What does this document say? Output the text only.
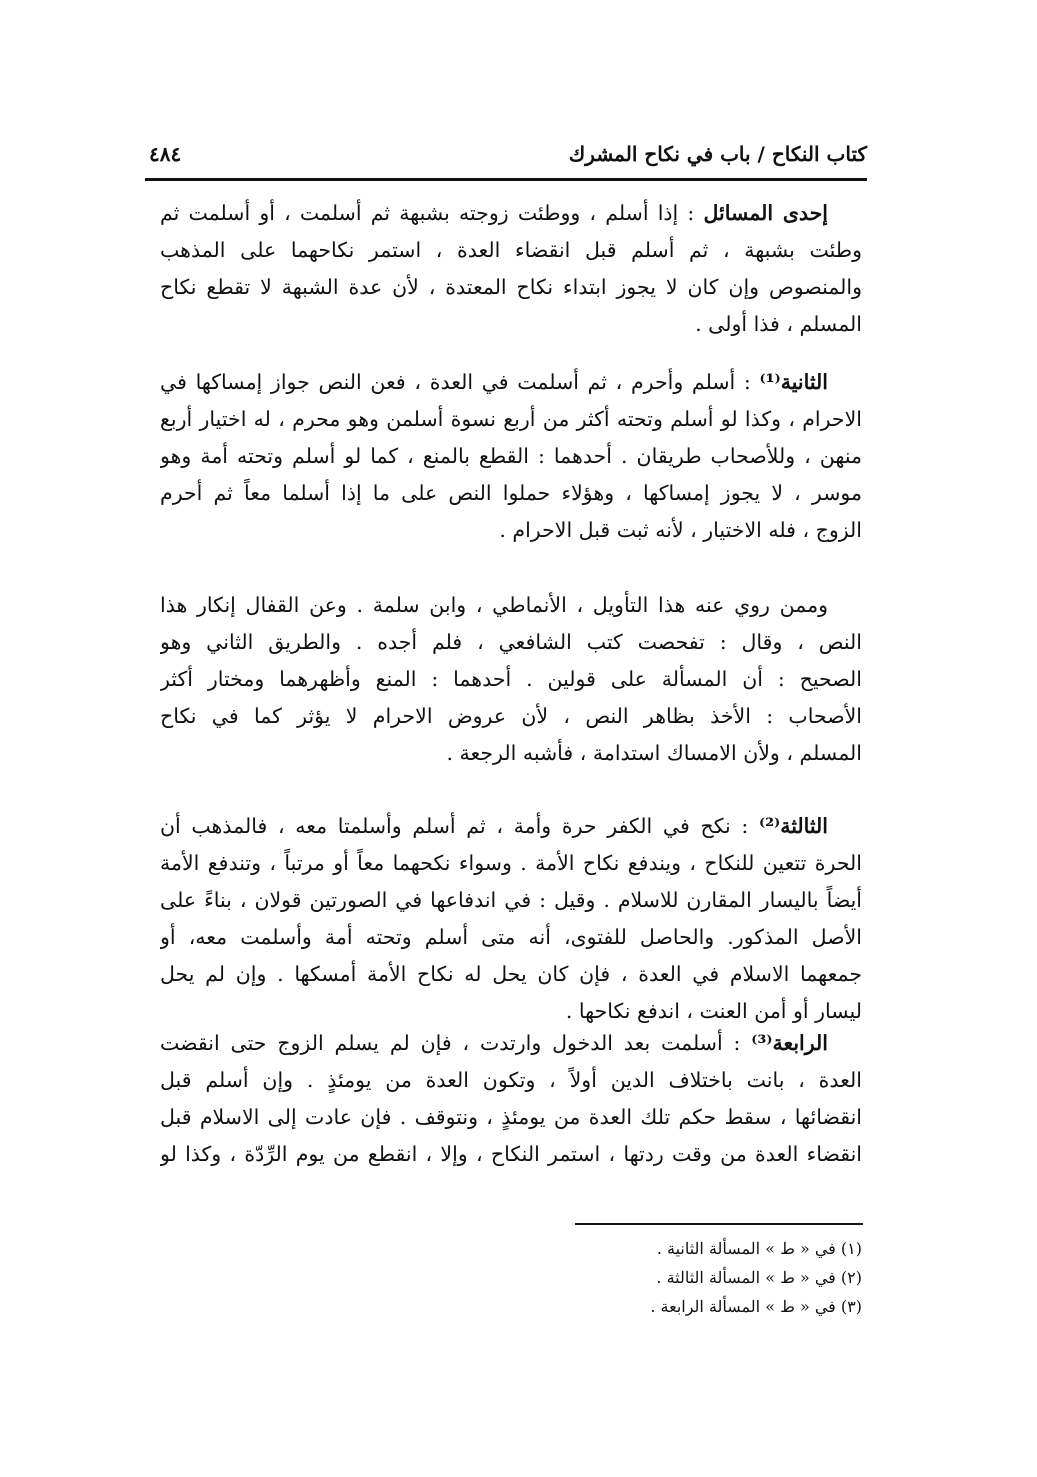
كتاب النكاح / باب في نكاح المشرك
٤٨٤
إحدى المسائل : إذا أسلم ، ووطئت زوجته بشبهة ثم أسلمت ، أو أسلمت ثم
وطئت بشبهة ، ثم أسلم قبل انقضاء العدة ، استمر نكاحهما على المذهب
والمنصوص وإن كان لا يجوز ابتداء نكاح المعتدة ، لأن عدة الشبهة لا تقطع نكاح
المسلم ، فذا أولى .
الثانية⁽¹⁾ : أسلم وأحرم ، ثم أسلمت في العدة ، فعن النص جواز إمساكها في
الاحرام ، وكذا لو أسلم وتحته أكثر من أربع نسوة أسلمن وهو محرم ، له اختيار أربع
منهن ، وللأصحاب طريقان . أحدهما : القطع بالمنع ، كما لو أسلم وتحته أمة وهو
موسر ، لا يجوز إمساكها ، وهؤلاء حملوا النص على ما إذا أسلما معاً ثم أحرم
الزوج ، فله الاختيار ، لأنه ثبت قبل الاحرام .
وممن روي عنه هذا التأويل ، الأنماطي ، وابن سلمة . وعن القفال إنكار هذا
النص ، وقال : تفحصت كتب الشافعي ، فلم أجده . والطريق الثاني وهو
الصحيح : أن المسألة على قولين . أحدهما : المنع وأظهرهما ومختار أكثر
الأصحاب : الأخذ بظاهر النص ، لأن عروض الاحرام لا يؤثر كما في نكاح
المسلم ، ولأن الامساك استدامة ، فأشبه الرجعة .
الثالثة⁽²⁾ : نكح في الكفر حرة وأمة ، ثم أسلم وأسلمتا معه ، فالمذهب أن
الحرة تتعين للنكاح ، ويندفع نكاح الأمة . وسواء نكحهما معاً أو مرتباً ، وتندفع الأمة
أيضاً باليسار المقارن للاسلام . وقيل : في اندفاعها في الصورتين قولان ، بناءً على
الأصل المذكور. والحاصل للفتوى، أنه متى أسلم وتحته أمة وأسلمت معه، أو
جمعهما الاسلام في العدة ، فإن كان يحل له نكاح الأمة أمسكها . وإن لم يحل
ليسار أو أمن العنت ، اندفع نكاحها .
الرابعة⁽³⁾ : أسلمت بعد الدخول وارتدت ، فإن لم يسلم الزوج حتى انقضت
العدة ، بانت باختلاف الدين أولاً ، وتكون العدة من يومئذٍ . وإن أسلم قبل
انقضائها ، سقط حكم تلك العدة من يومئذٍ ، ونتوقف . فإن عادت إلى الاسلام قبل
انقضاء العدة من وقت ردتها ، استمر النكاح ، وإلا ، انقطع من يوم الرِّدّة ، وكذا لو
(١) في « ط » المسألة الثانية .
(٢) في « ط » المسألة الثالثة .
(٣) في « ط » المسألة الرابعة .
